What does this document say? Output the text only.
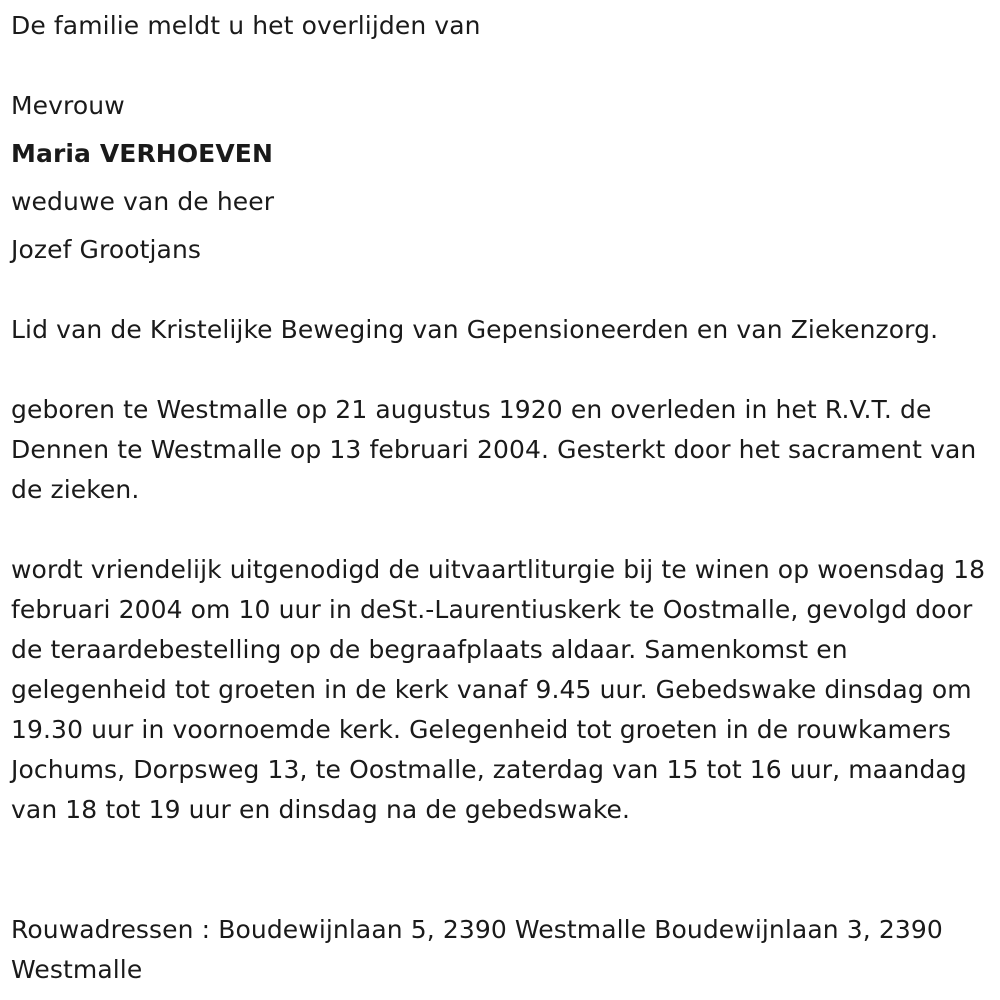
De familie meldt u het overlijden van
Mevrouw
Maria VERHOEVEN
weduwe van de heer
Jozef Grootjans
Lid van de Kristelijke Beweging van Gepensioneerden en van Ziekenzorg.
geboren te Westmalle op 21 augustus 1920 en overleden in het R.V.T. de Dennen te Westmalle op 13 februari 2004. Gesterkt door het sacrament van de zieken.
wordt vriendelijk uitgenodigd de uitvaartliturgie bij te winen op woensdag 18 februari 2004 om 10 uur in deSt.-Laurentiuskerk te Oostmalle, gevolgd door de teraardebestelling op de begraafplaats aldaar. Samenkomst en gelegenheid tot groeten in de kerk vanaf 9.45 uur. Gebedswake dinsdag om 19.30 uur in voornoemde kerk. Gelegenheid tot groeten in de rouwkamers Jochums, Dorpsweg 13, te Oostmalle, zaterdag van 15 tot 16 uur, maandag van 18 tot 19 uur en dinsdag na de gebedswake.
Rouwadressen : Boudewijnlaan 5, 2390 Westmalle Boudewijnlaan 3, 2390 Westmalle
